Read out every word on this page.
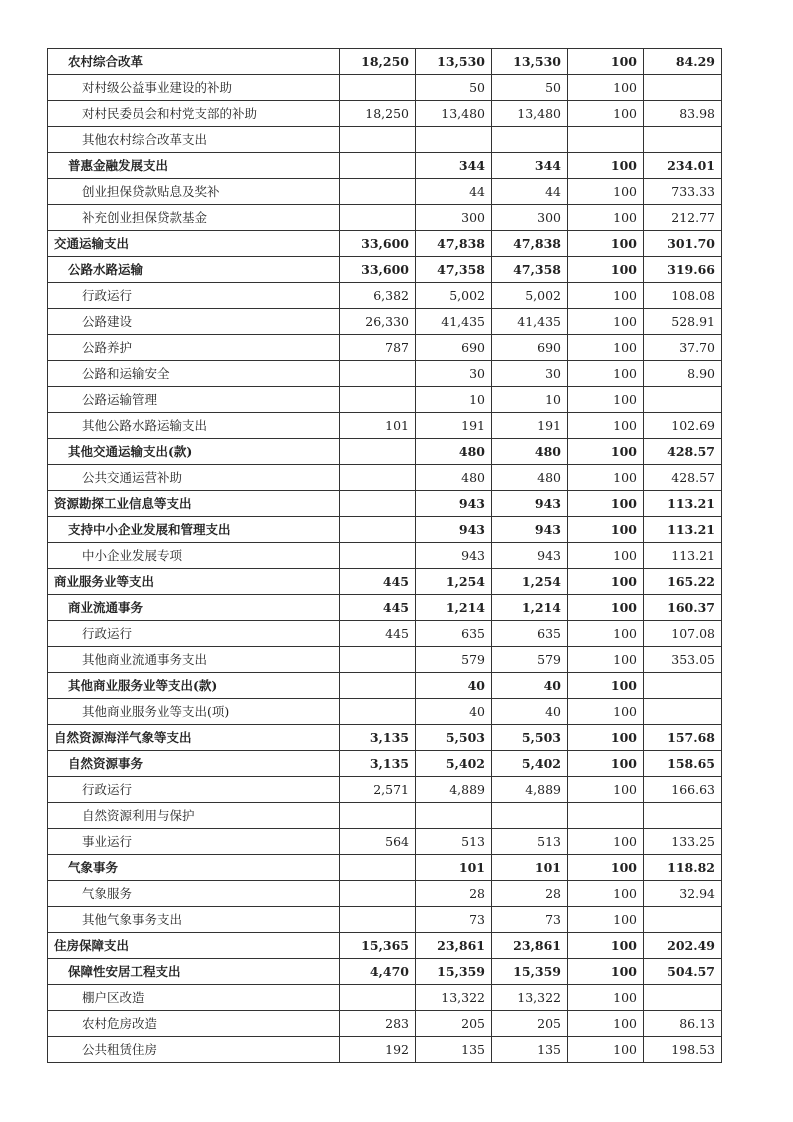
农村综合改革	18,250	13,530	13,530	100	84.29
对村级公益事业建设的补助		50	50	100	
对村民委员会和村党支部的补助	18,250	13,480	13,480	100	83.98
其他农村综合改革支出					
普惠金融发展支出		344	344	100	234.01
创业担保贷款贴息及奖补		44	44	100	733.33
补充创业担保贷款基金		300	300	100	212.77
交通运输支出	33,600	47,838	47,838	100	301.70
公路水路运输	33,600	47,358	47,358	100	319.66
行政运行	6,382	5,002	5,002	100	108.08
公路建设	26,330	41,435	41,435	100	528.91
公路养护	787	690	690	100	37.70
公路和运输安全		30	30	100	8.90
公路运输管理		10	10	100	
其他公路水路运输支出	101	191	191	100	102.69
其他交通运输支出(款)		480	480	100	428.57
公共交通运营补助		480	480	100	428.57
资源勘探工业信息等支出		943	943	100	113.21
支持中小企业发展和管理支出		943	943	100	113.21
中小企业发展专项		943	943	100	113.21
商业服务业等支出	445	1,254	1,254	100	165.22
商业流通事务	445	1,214	1,214	100	160.37
行政运行	445	635	635	100	107.08
其他商业流通事务支出		579	579	100	353.05
其他商业服务业等支出(款)		40	40	100	
其他商业服务业等支出(项)		40	40	100	
自然资源海洋气象等支出	3,135	5,503	5,503	100	157.68
自然资源事务	3,135	5,402	5,402	100	158.65
行政运行	2,571	4,889	4,889	100	166.63
自然资源利用与保护					
事业运行	564	513	513	100	133.25
气象事务		101	101	100	118.82
气象服务		28	28	100	32.94
其他气象事务支出		73	73	100	
住房保障支出	15,365	23,861	23,861	100	202.49
保障性安居工程支出	4,470	15,359	15,359	100	504.57
棚户区改造		13,322	13,322	100	
农村危房改造	283	205	205	100	86.13
公共租赁住房	192	135	135	100	198.53
